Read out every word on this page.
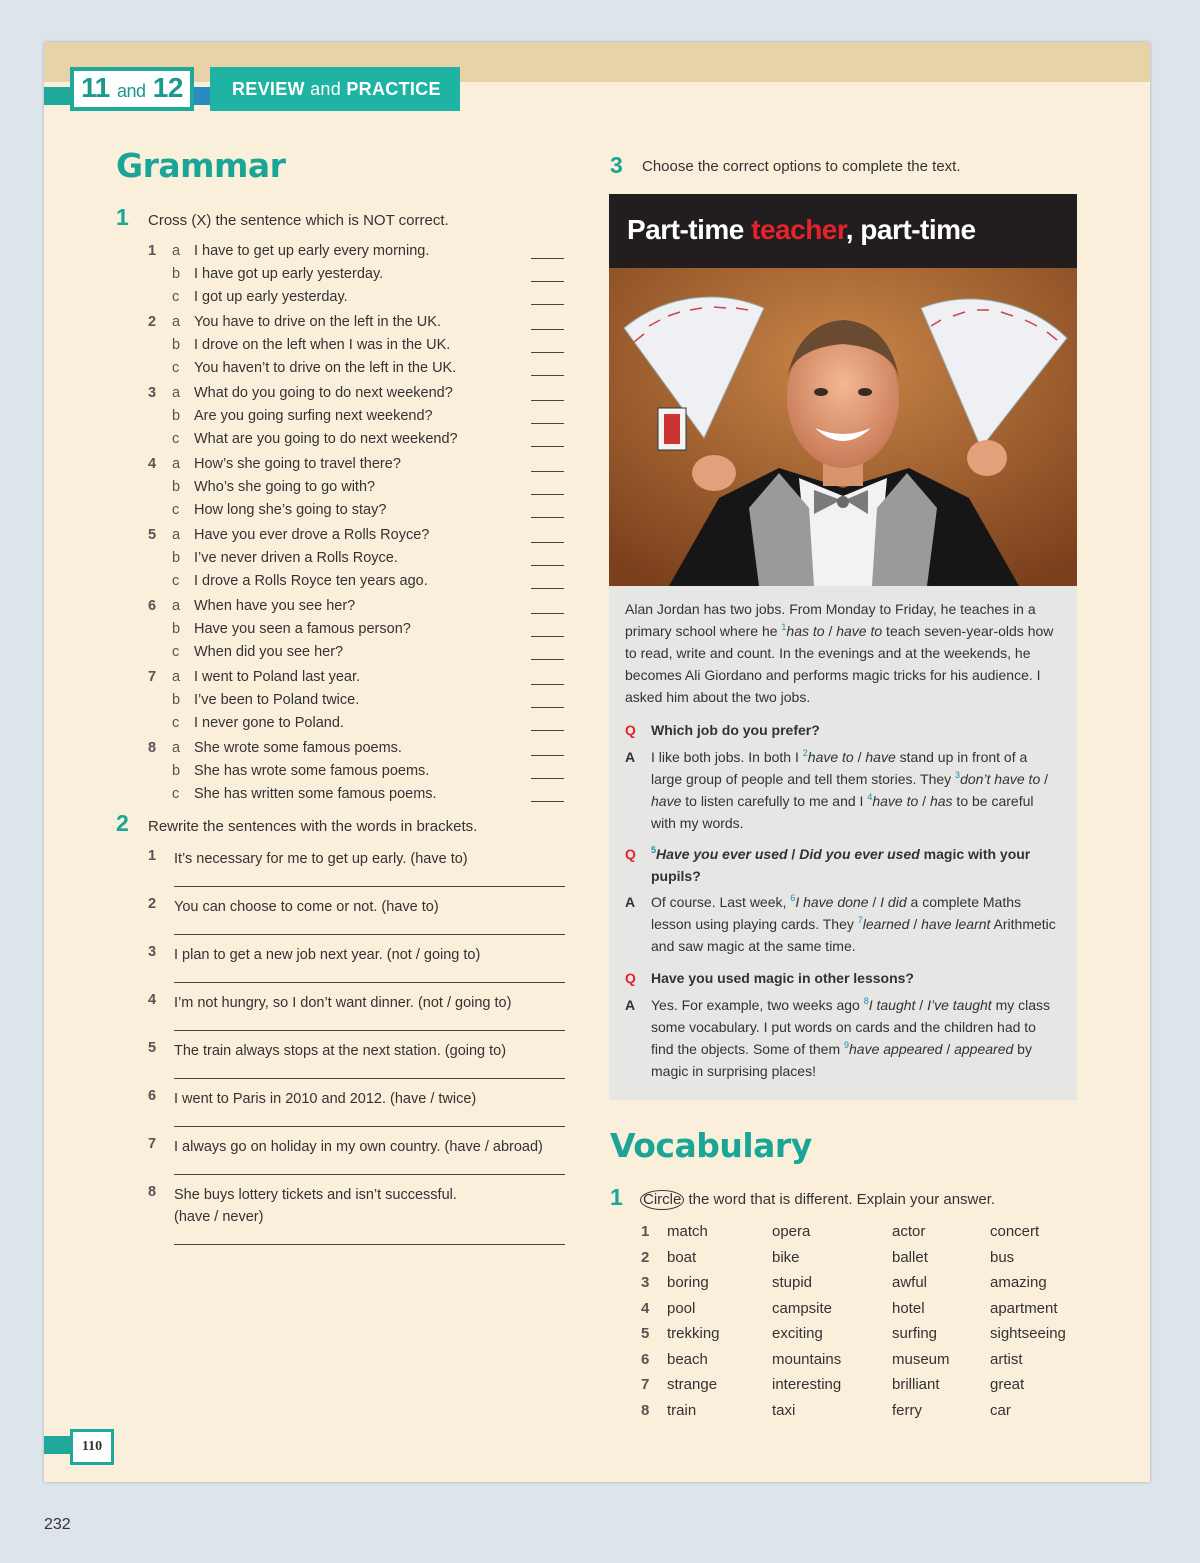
11 and 12	REVIEW and PRACTICE
Grammar
1 Cross (X) the sentence which is NOT correct.
2 Rewrite the sentences with the words in brackets.
3 Choose the correct options to complete the text.
Part-time teacher, part-time
Alan Jordan has two jobs. From Monday to Friday, he teaches in a primary school where he $^1$has to / have to teach seven-year-olds how to read, write and count. In the evenings and at the weekends, he becomes Ali Giordano and performs magic tricks for his audience. I asked him about the two jobs.
Q Which job do you prefer?
A I like both jobs. In both I $^2$have to / have stand up in front of a large group of people and tell them stories. They $^3$don’t have to / have to listen carefully to me and I $^4$have to / has to be careful with my words.
Q $^5$Have you ever used / Did you ever used magic with your pupils?
A Of course. Last week, $^6$I have done / I did a complete Maths lesson using playing cards. They $^7$learned / have learnt Arithmetic and saw magic at the same time.
Q Have you used magic in other lessons?
A Yes. For example, two weeks ago $^8$I taught / I’ve taught my class some vocabulary. I put words on cards and the children had to find the objects. Some of them $^9$have appeared / appeared by magic in surprising places!
Vocabulary
1 Circle the word that is different. Explain your answer.
110
1	a I have to get up early every morning.
b I have got up early yesterday.
c I got up early yesterday.
2	a You have to drive on the left in the UK.
b I drove on the left when I was in the UK.
c You haven’t to drive on the left in the UK.
3	a What do you going to do next weekend?
b Are you going surfing next weekend?
c What are you going to do next weekend?
4	a How’s she going to travel there?
b Who’s she going to go with?
c How long she’s going to stay?
5	a Have you ever drove a Rolls Royce?
b I’ve never driven a Rolls Royce.
c I drove a Rolls Royce ten years ago.
6	a When have you see her?
b Have you seen a famous person?
c When did you see her?
7	a I went to Poland last year.
b I’ve been to Poland twice.
c I never gone to Poland.
8	a She wrote some famous poems.
b She has wrote some famous poems.
c She has written some famous poems.
1 It’s necessary for me to get up early. (have to)
2 You can choose to come or not. (have to)
3 I plan to get a new job next year. (not / going to)
4 I’m not hungry, so I don’t want dinner. (not / going to)
5 The train always stops at the next station. (going to)
6 I went to Paris in 2010 and 2012. (have / twice)
7 I always go on holiday in my own country. (have / abroad)
8 She buys lottery tickets and isn’t successful.
(have / never)
1 match	opera	actor	concert
2 boat	bike	ballet	bus
3 boring	stupid	awful	amazing
4 pool	campsite	hotel	apartment
5 trekking	exciting	surfing	sightseeing
6 beach	mountains	museum	artist
7 strange	interesting	brilliant	great
8 train	taxi	ferry	car
232
